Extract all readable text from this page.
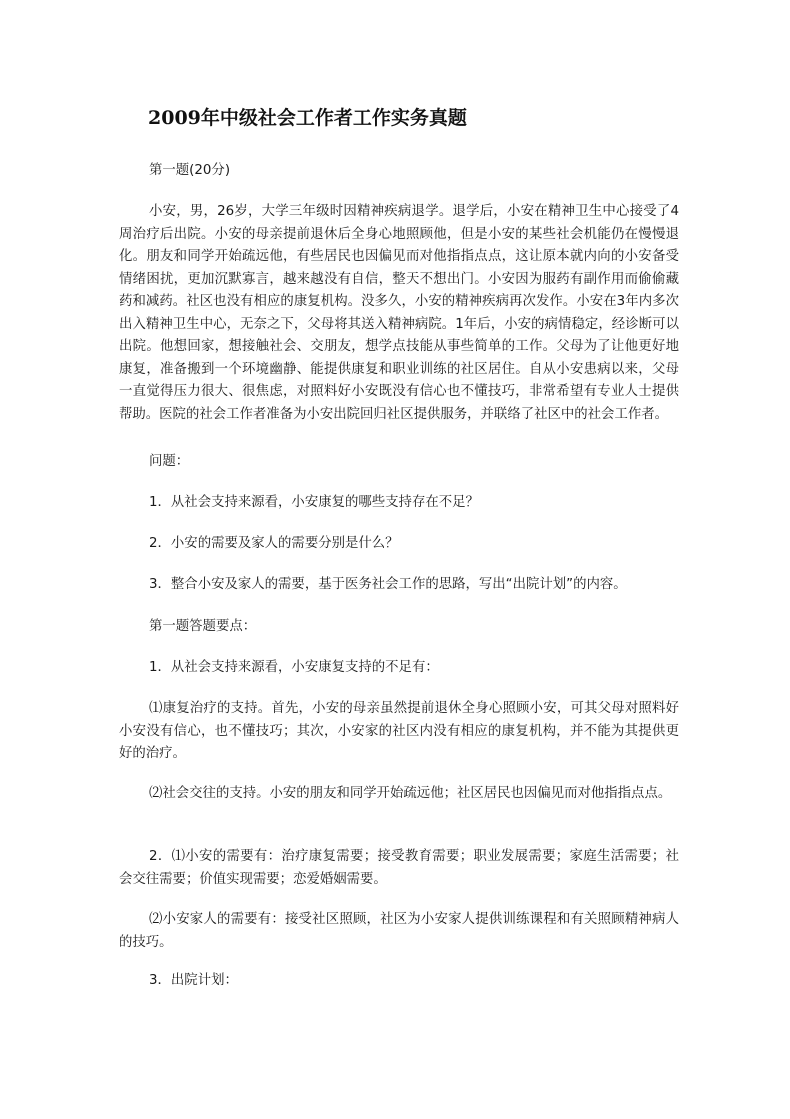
2009年中级社会工作者工作实务真题
第一题(20分)
小安，男，26岁，大学三年级时因精神疾病退学。退学后，小安在精神卫生中心接受了4周治疗后出院。小安的母亲提前退休后全身心地照顾他，但是小安的某些社会机能仍在慢慢退化。朋友和同学开始疏远他，有些居民也因偏见而对他指指点点，这让原本就内向的小安备受情绪困扰，更加沉默寡言，越来越没有自信，整天不想出门。小安因为服药有副作用而偷偷藏药和减药。社区也没有相应的康复机构。没多久，小安的精神疾病再次发作。小安在3年内多次出入精神卫生中心，无奈之下，父母将其送入精神病院。1年后，小安的病情稳定，经诊断可以出院。他想回家，想接触社会、交朋友，想学点技能从事些简单的工作。父母为了让他更好地康复，准备搬到一个环境幽静、能提供康复和职业训练的社区居住。自从小安患病以来，父母一直觉得压力很大、很焦虑，对照料好小安既没有信心也不懂技巧，非常希望有专业人士提供帮助。医院的社会工作者准备为小安出院回归社区提供服务，并联络了社区中的社会工作者。
问题：
1．从社会支持来源看，小安康复的哪些支持存在不足？
2．小安的需要及家人的需要分别是什么？
3．整合小安及家人的需要，基于医务社会工作的思路，写出“出院计划”的内容。
第一题答题要点：
1．从社会支持来源看，小安康复支持的不足有：
⑴康复治疗的支持。首先，小安的母亲虽然提前退休全身心照顾小安，可其父母对照料好小安没有信心，也不懂技巧；其次，小安家的社区内没有相应的康复机构，并不能为其提供更好的治疗。
⑵社会交往的支持。小安的朋友和同学开始疏远他；社区居民也因偏见而对他指指点点。
2．⑴小安的需要有：治疗康复需要；接受教育需要；职业发展需要；家庭生活需要；社会交往需要；价值实现需要；恋爱婚姻需要。
⑵小安家人的需要有：接受社区照顾，社区为小安家人提供训练课程和有关照顾精神病人的技巧。
3．出院计划：
